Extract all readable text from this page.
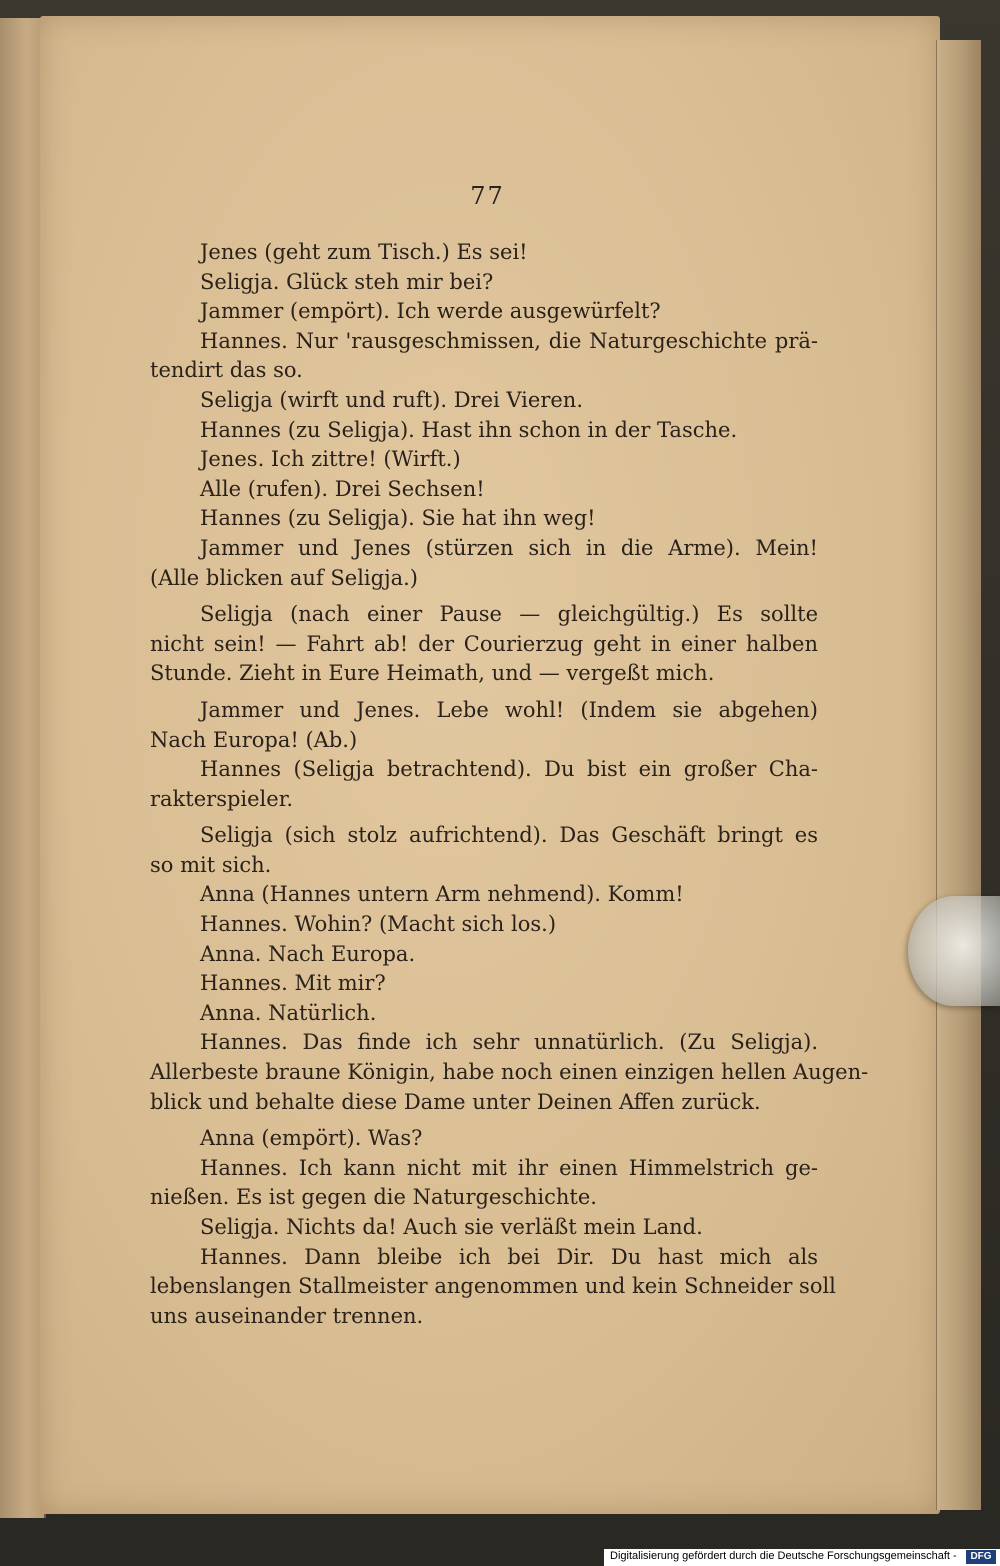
77
Jenes (geht zum Tisch.) Es sei!
Seligja. Glück steh mir bei?
Jammer (empört). Ich werde ausgewürfelt?
Hannes. Nur 'rausgeschmissen, die Naturgeschichte prä-
tendirt das so.
Seligja (wirft und ruft). Drei Vieren.
Hannes (zu Seligja). Hast ihn schon in der Tasche.
Jenes. Ich zittre! (Wirft.)
Alle (rufen). Drei Sechsen!
Hannes (zu Seligja). Sie hat ihn weg!
Jammer und Jenes (stürzen sich in die Arme). Mein!
(Alle blicken auf Seligja.)
Seligja (nach einer Pause — gleichgültig.) Es sollte
nicht sein! — Fahrt ab! der Courierzug geht in einer halben
Stunde. Zieht in Eure Heimath, und — vergeßt mich.
Jammer und Jenes. Lebe wohl! (Indem sie abgehen)
Nach Europa! (Ab.)
Hannes (Seligja betrachtend). Du bist ein großer Cha-
rakterspieler.
Seligja (sich stolz aufrichtend). Das Geschäft bringt es
so mit sich.
Anna (Hannes untern Arm nehmend). Komm!
Hannes. Wohin? (Macht sich los.)
Anna. Nach Europa.
Hannes. Mit mir?
Anna. Natürlich.
Hannes. Das finde ich sehr unnatürlich. (Zu Seligja).
Allerbeste braune Königin, habe noch einen einzigen hellen Augen-
blick und behalte diese Dame unter Deinen Affen zurück.
Anna (empört). Was?
Hannes. Ich kann nicht mit ihr einen Himmelstrich ge-
nießen. Es ist gegen die Naturgeschichte.
Seligja. Nichts da! Auch sie verläßt mein Land.
Hannes. Dann bleibe ich bei Dir. Du hast mich als
lebenslangen Stallmeister angenommen und kein Schneider soll
uns auseinander trennen.
Digitalisierung gefördert durch die Deutsche Forschungsgemeinschaft -	DFG
